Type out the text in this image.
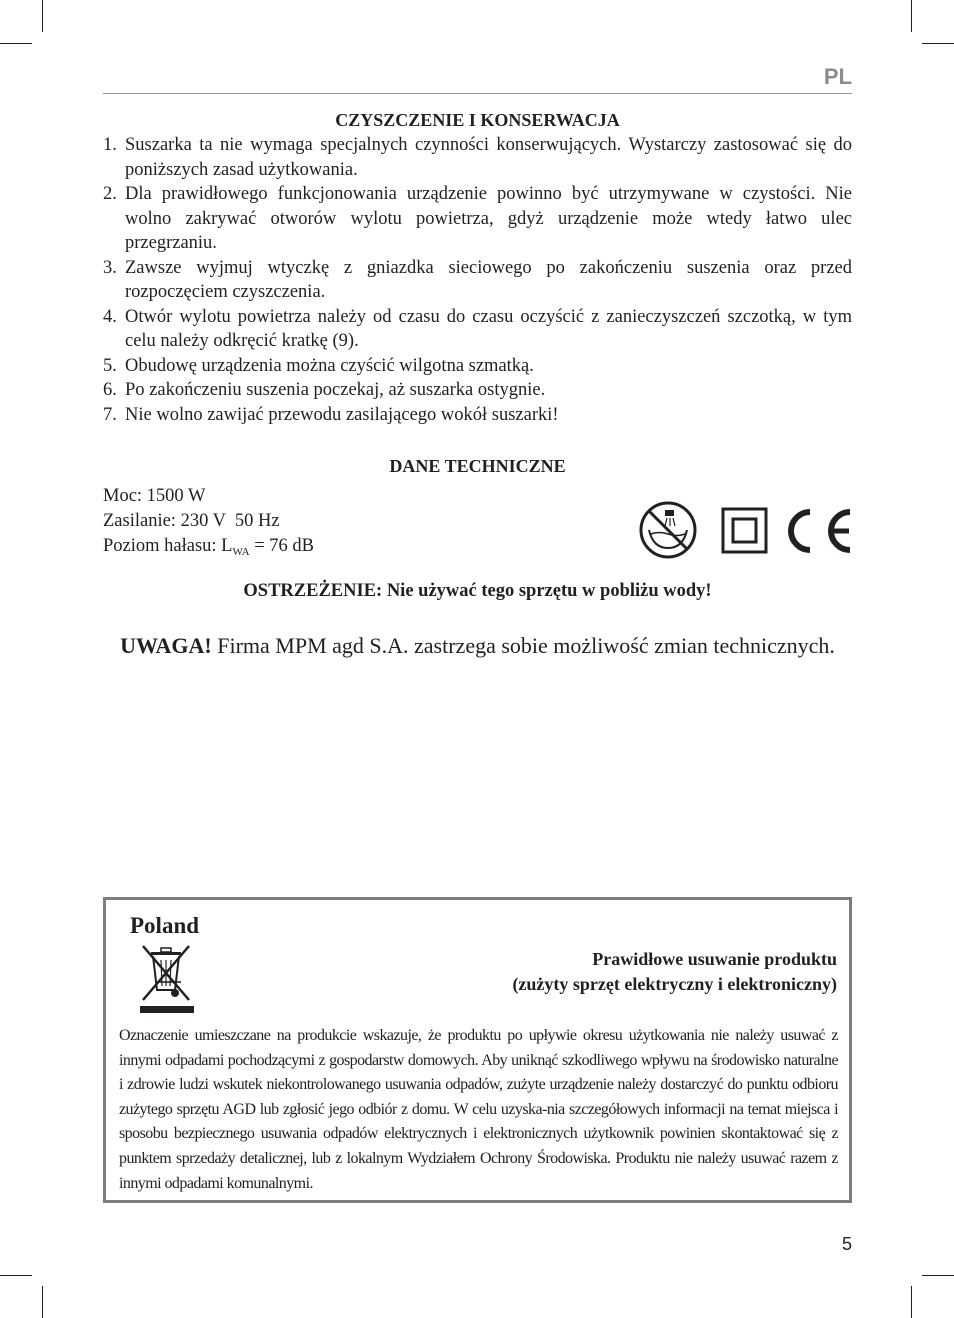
PL
CZYSZCZENIE I KONSERWACJA
1. Suszarka ta nie wymaga specjalnych czynności konserwujących. Wystarczy zastosować się do poniższych zasad użytkowania.
2. Dla prawidłowego funkcjonowania urządzenie powinno być utrzymywane w czystości. Nie wolno zakrywać otworów wylotu powietrza, gdyż urządzenie może wtedy łatwo ulec przegrzaniu.
3. Zawsze wyjmuj wtyczkę z gniazdka sieciowego po zakończeniu suszenia oraz przed rozpoczęciem czyszczenia.
4. Otwór wylotu powietrza należy od czasu do czasu oczyścić z zanieczyszczeń szczotką, w tym celu należy odkręcić kratkę (9).
5. Obudowę urządzenia można czyścić wilgotna szmatką.
6. Po zakończeniu suszenia poczekaj, aż suszarka ostygnie.
7. Nie wolno zawijać przewodu zasilającego wokół suszarki!
DANE TECHNICZNE
Moc: 1500 W
Zasilanie: 230 V  50 Hz
Poziom hałasu: $L_{WA} = 76$ dB
OSTRZEŻENIE: Nie używać tego sprzętu w pobliżu wody!
UWAGA! Firma MPM agd S.A. zastrzega sobie możliwość zmian technicznych.
Poland
Prawidłowe usuwanie produktu
(zużyty sprzęt elektryczny i elektroniczny)
Oznaczenie umieszczane na produkcie wskazuje, że produktu po upływie okresu użytkowania nie należy usuwać z innymi odpadami pochodzącymi z gospodarstw domowych. Aby uniknąć szkodliwego wpływu na środowisko naturalne i zdrowie ludzi wskutek niekontrolowanego usuwania odpadów, zużyte urządzenie należy dostarczyć do punktu odbioru zużytego sprzętu AGD lub zgłosić jego odbiór z domu. W celu uzyska-nia szczegółowych informacji na temat miejsca i sposobu bezpiecznego usuwania odpadów elektrycznych i elektronicznych użytkownik powinien skontaktować się z punktem sprzedaży detalicznej, lub z lokalnym Wydziałem Ochrony Środowiska. Produktu nie należy usuwać razem z innymi odpadami komunalnymi.
5
